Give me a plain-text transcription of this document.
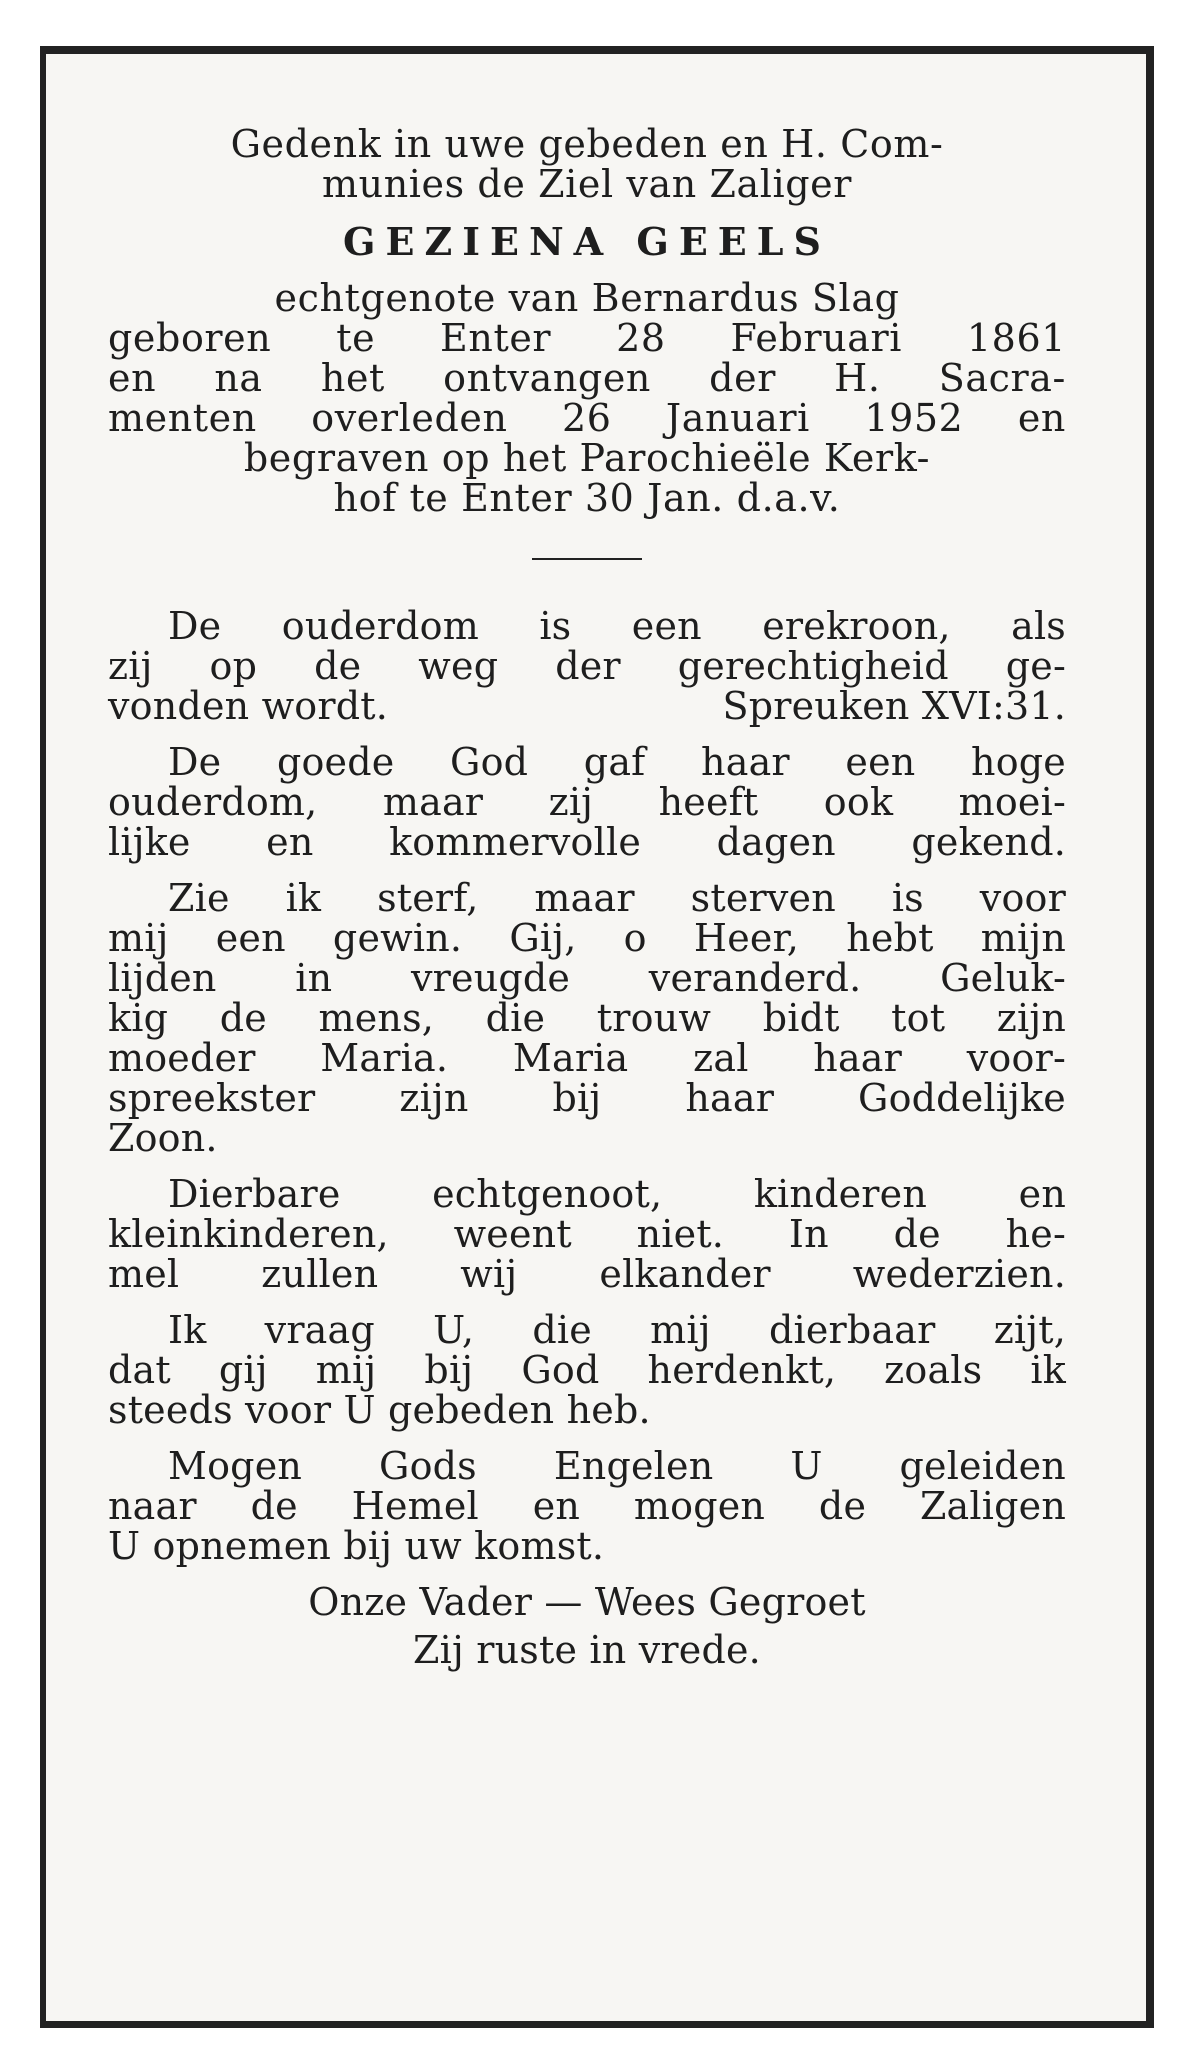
Gedenk in uwe gebeden en H. Com-
munies de Ziel van Zaliger
GEZIENA GEELS
echtgenote van Bernardus Slag
geboren te Enter 28 Februari 1861
en na het ontvangen der H. Sacra-
menten overleden 26 Januari 1952 en
begraven op het Parochieële Kerk-
hof te Enter 30 Jan. d.a.v.
De ouderdom is een erekroon, als
zij op de weg der gerechtigheid ge-
vonden wordt.	Spreuken XVI:31.
De goede God gaf haar een hoge
ouderdom, maar zij heeft ook moei-
lijke en kommervolle dagen gekend.
Zie ik sterf, maar sterven is voor
mij een gewin. Gij, o Heer, hebt mijn
lijden in vreugde veranderd. Geluk-
kig de mens, die trouw bidt tot zijn
moeder Maria. Maria zal haar voor-
spreekster zijn bij haar Goddelijke
Zoon.
Dierbare echtgenoot, kinderen en
kleinkinderen, weent niet. In de he-
mel zullen wij elkander wederzien.
Ik vraag U, die mij dierbaar zijt,
dat gij mij bij God herdenkt, zoals ik
steeds voor U gebeden heb.
Mogen Gods Engelen U geleiden
naar de Hemel en mogen de Zaligen
U opnemen bij uw komst.
Onze Vader — Wees Gegroet
Zij ruste in vrede.
